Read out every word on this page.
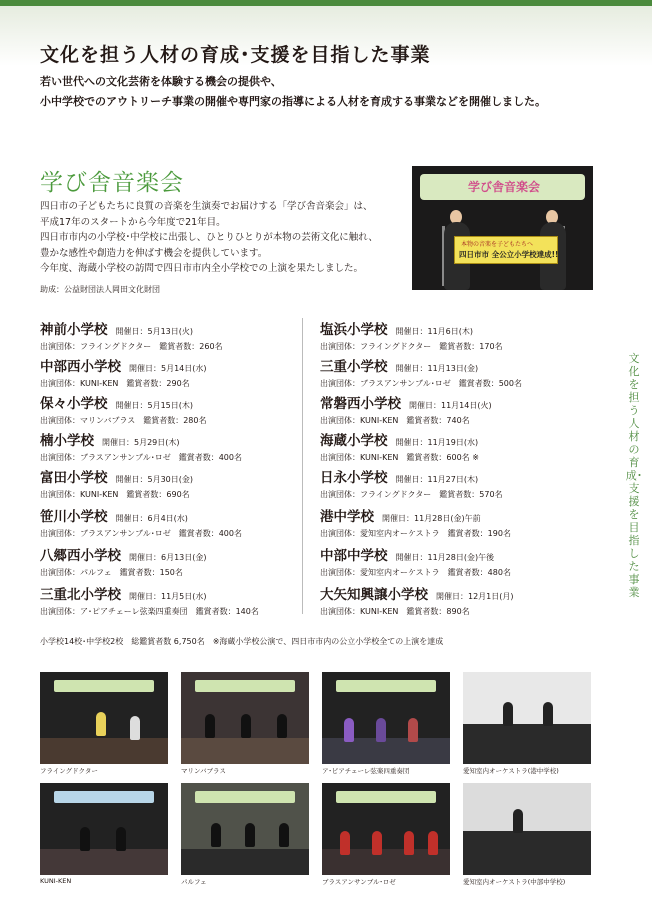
文化を担う人材の育成･支援を目指した事業
若い世代への文化芸術を体験する機会の提供や、
小中学校でのアウトリーチ事業の開催や専門家の指導による人材を育成する事業などを開催しました。
学び舎音楽会
四日市の子どもたちに良質の音楽を生演奏でお届けする「学び舎音楽会」は、
平成17年のスタートから今年度で21年目。
四日市市内の小学校･中学校に出張し、ひとりひとりが本物の芸術文化に触れ、
豊かな感性や創造力を伸ばす機会を提供しています。
今年度、海蔵小学校の訪問で四日市市内全小学校での上演を果たしました。
助成：公益財団法人岡田文化財団
学び舎音楽会
本物の音楽を子どもたちへ
四日市市 全公立小学校達成!!
神前小学校 開催日：5月13日(火)
出演団体：フライングドクター　鑑賞者数：260名
中部西小学校 開催日：5月14日(水)
出演団体：KUNI-KEN　鑑賞者数：290名
保々小学校 開催日：5月15日(木)
出演団体：マリンバブラス　鑑賞者数：280名
楠小学校 開催日：5月29日(木)
出演団体：ブラスアンサンブル･ロゼ　鑑賞者数：400名
富田小学校 開催日：5月30日(金)
出演団体：KUNI-KEN　鑑賞者数：690名
笹川小学校 開催日：6月4日(水)
出演団体：ブラスアンサンブル･ロゼ　鑑賞者数：400名
八郷西小学校 開催日：6月13日(金)
出演団体：パルフェ　鑑賞者数：150名
三重北小学校 開催日：11月5日(水)
出演団体：ア･ピアチェーレ弦楽四重奏団　鑑賞者数：140名
塩浜小学校 開催日：11月6日(木)
出演団体：フライングドクター　鑑賞者数：170名
三重小学校 開催日：11月13日(金)
出演団体：ブラスアンサンブル･ロゼ　鑑賞者数：500名
常磐西小学校 開催日：11月14日(火)
出演団体：KUNI-KEN　鑑賞者数：740名
海蔵小学校 開催日：11月19日(水)
出演団体：KUNI-KEN　鑑賞者数：600名 ※
日永小学校 開催日：11月27日(木)
出演団体：フライングドクター　鑑賞者数：570名
港中学校 開催日：11月28日(金)午前
出演団体：愛知室内オーケストラ　鑑賞者数：190名
中部中学校 開催日：11月28日(金)午後
出演団体：愛知室内オーケストラ　鑑賞者数：480名
大矢知興譲小学校 開催日：12月1日(月)
出演団体：KUNI-KEN　鑑賞者数：890名
小学校14校･中学校2校　総鑑賞者数 6,750名　※海蔵小学校公演で、四日市市内の公立小学校全ての上演を達成
文化を担う人材の育成･支援を目指した事業
フライングドクター	マリンバブラス	ア･ピアチェーレ弦楽四重奏団	愛知室内オーケストラ(港中学校)
KUNI-KEN	パルフェ	ブラスアンサンブル･ロゼ	愛知室内オーケストラ(中部中学校)
